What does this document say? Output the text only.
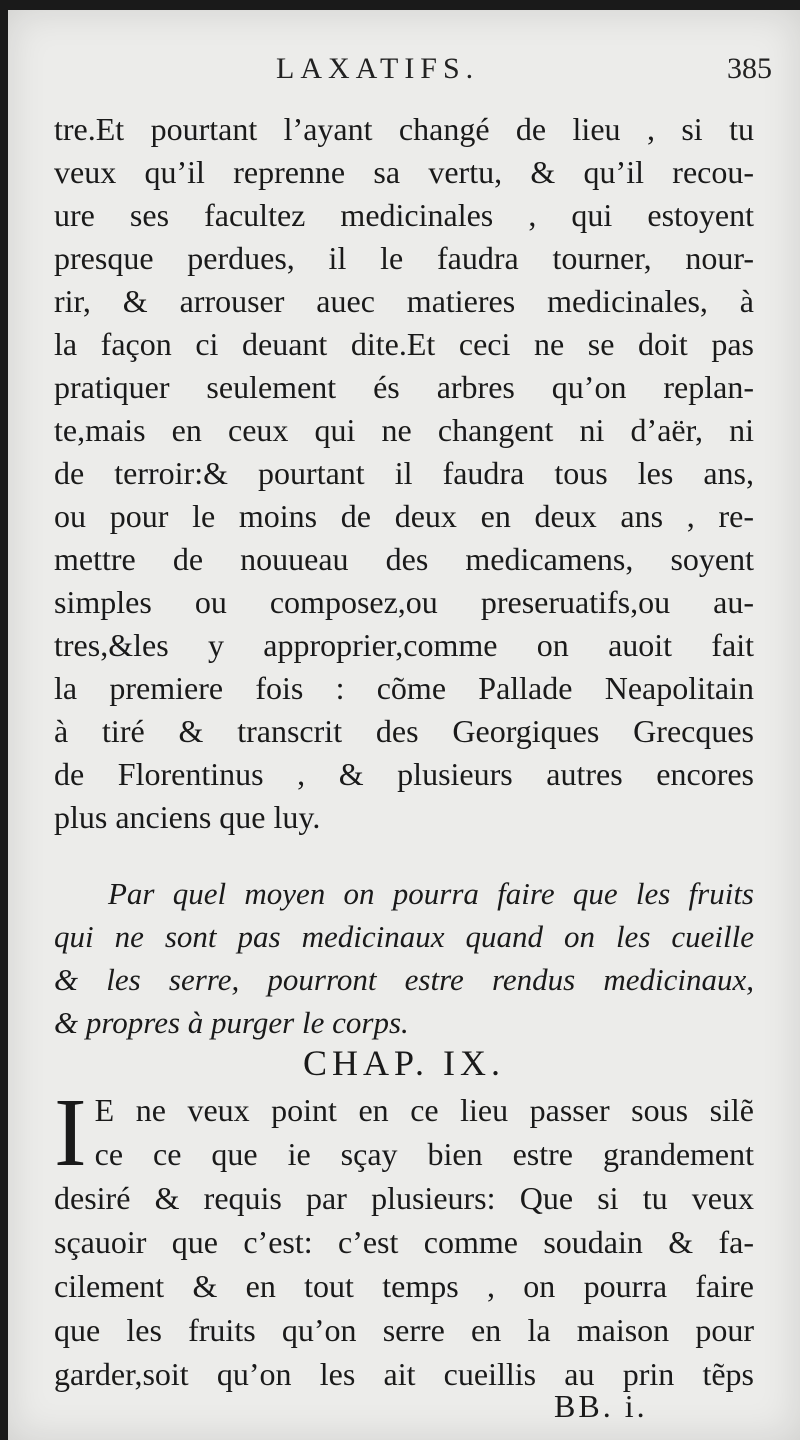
LAXATIFS.	385
tre.Et pourtant l’ayant changé de lieu , si tu
veux qu’il reprenne sa vertu, & qu’il recou-
ure ses facultez medicinales , qui estoyent
presque perdues, il le faudra tourner, nour-
rir, & arrouser auec matieres medicinales, à
la façon ci deuant dite.Et ceci ne se doit pas
pratiquer seulement és arbres qu’on replan-
te,mais en ceux qui ne changent ni d’aër, ni
de terroir:& pourtant il faudra tous les ans,
ou pour le moins de deux en deux ans , re-
mettre de nouueau des medicamens, soyent
simples ou composez,ou preseruatifs,ou au-
tres,&les y approprier,comme on auoit fait
la premiere fois : cõme Pallade Neapolitain
à tiré & transcrit des Georgiques Grecques
de Florentinus , & plusieurs autres encores
plus anciens que luy.
Par quel moyen on pourra faire que les fruits
qui ne sont pas medicinaux quand on les cueille
& les serre, pourront estre rendus medicinaux,
& propres à purger le corps.
CHAP. IX.
I E ne veux point en ce lieu passer sous silẽ
ce ce que ie sçay bien estre grandement
desiré & requis par plusieurs: Que si tu veux
sçauoir que c’est: c’est comme soudain & fa-
cilement & en tout temps , on pourra faire
que les fruits qu’on serre en la maison pour
garder,soit qu’on les ait cueillis au prin tẽps
BB. i.
